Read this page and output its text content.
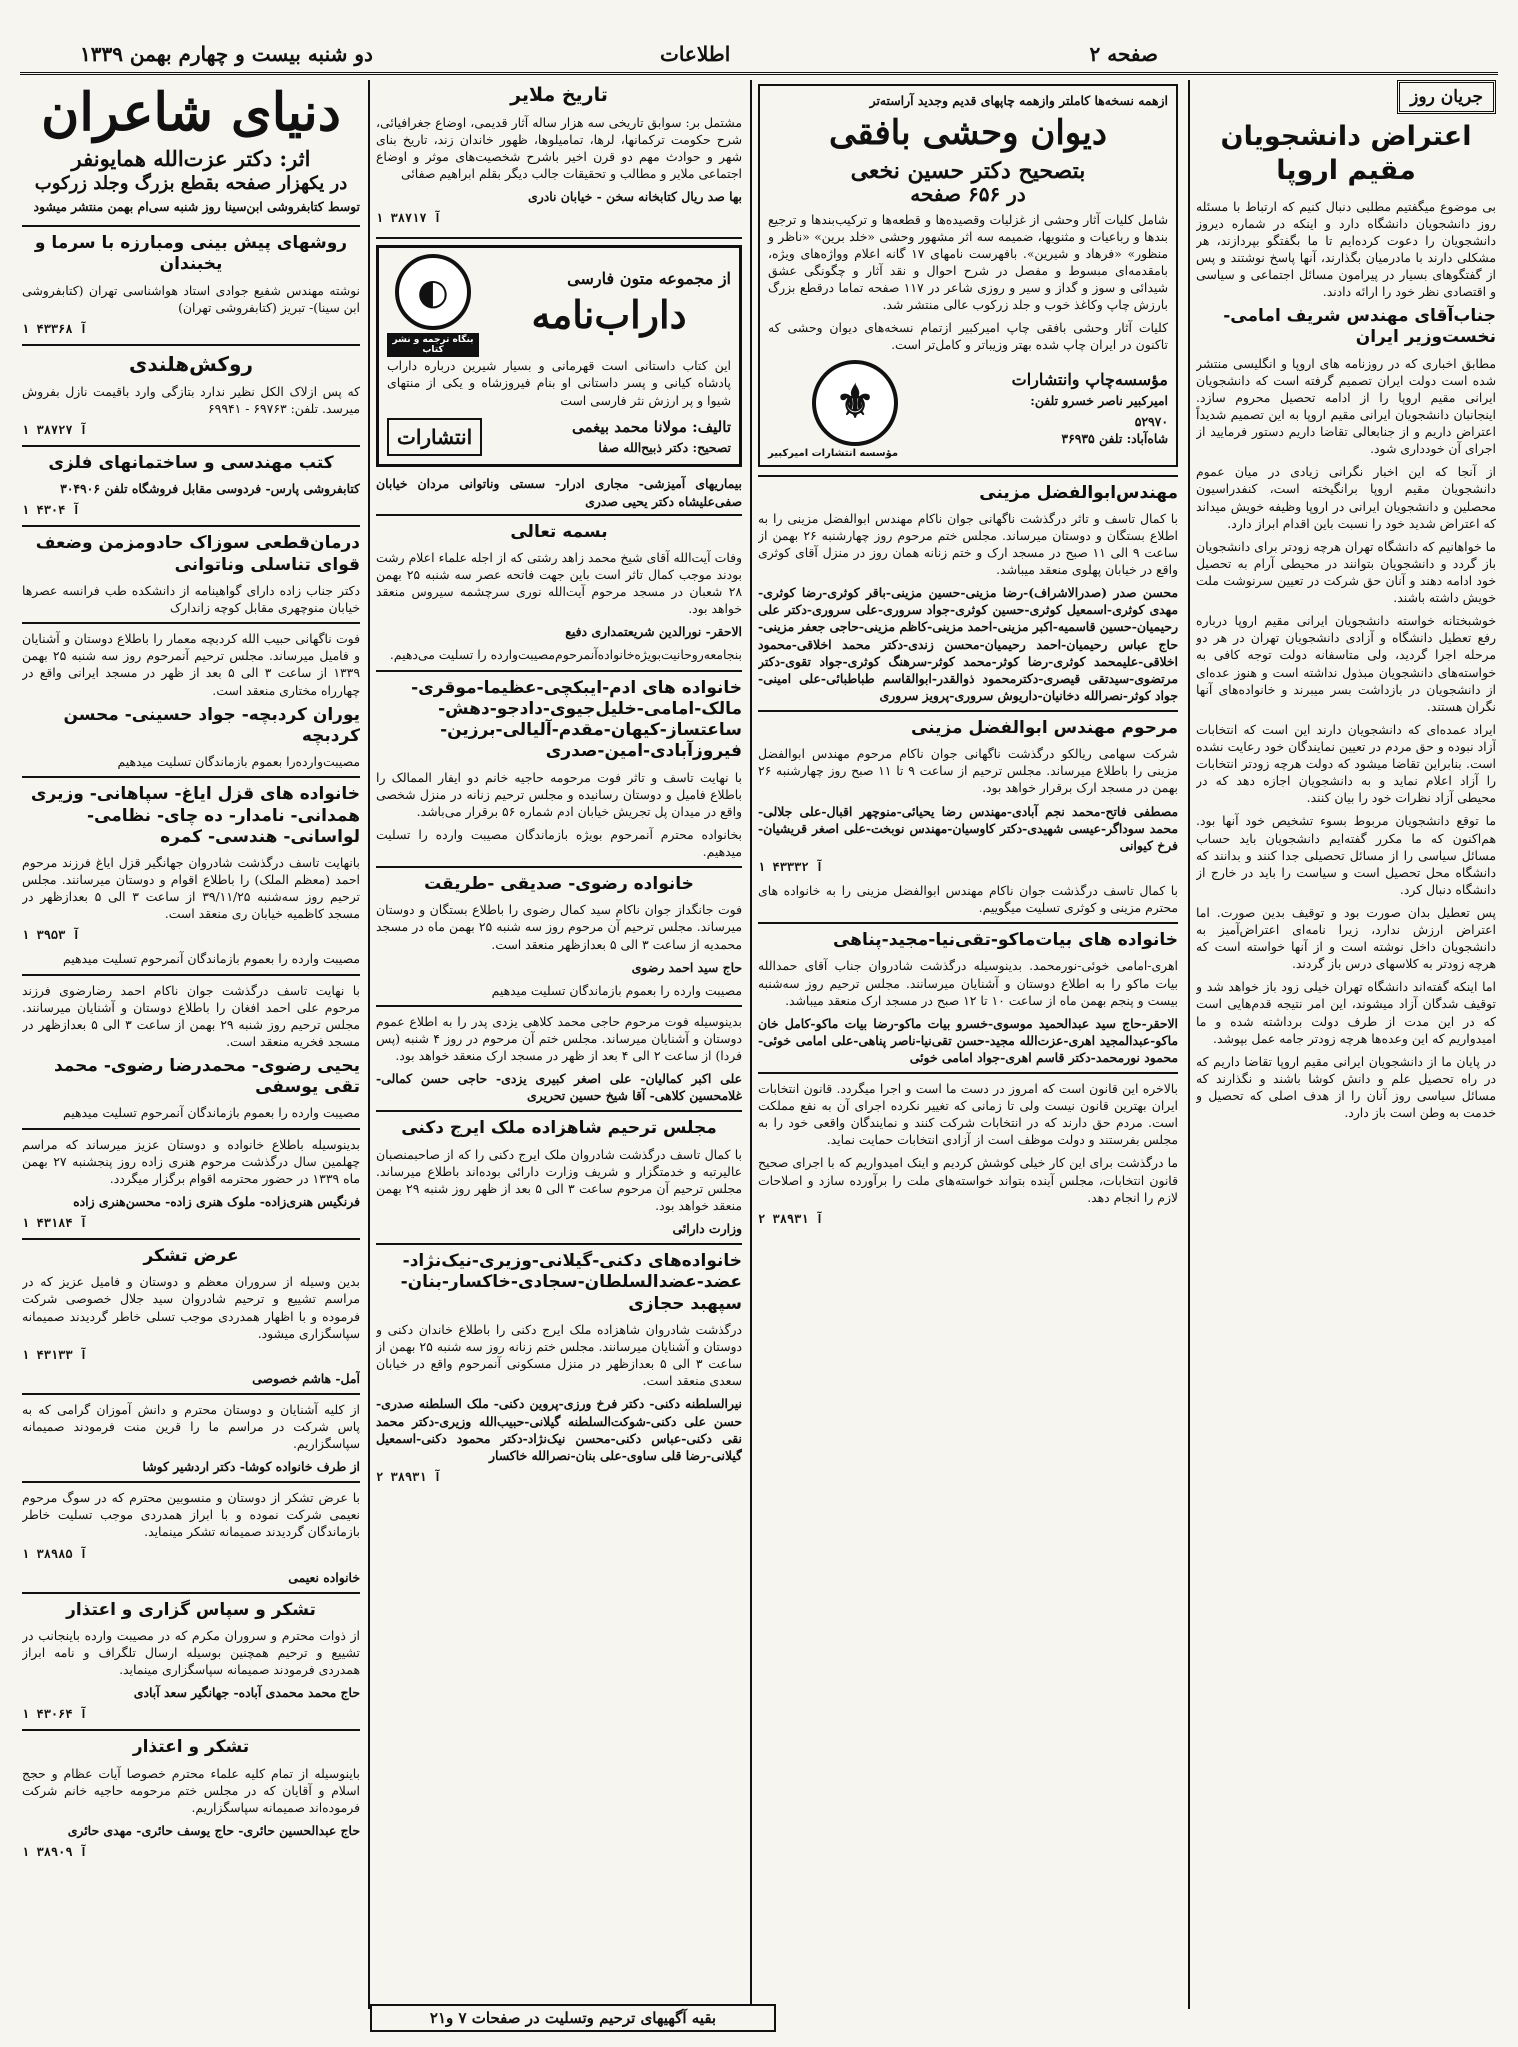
دو شنبه بیست و چهارم بهمن ۱۳۳۹	اطلاعات	صفحه ۲
جریان روز
اعتراض دانشجویان مقیم اروپا

بی موضوع میگفتیم مطلبی دنبال کنیم که ارتباط با مسئله روز دانشجویان دانشگاه دارد و اینکه در شماره دیروز دانشجویان را دعوت کرده‌ایم تا ما بگفتگو بپردازند، هر مشکلی دارند با مادرمیان بگذارند، آنها پاسخ نوشتند و پس از گفتگوهای بسیار در پیرامون مسائل اجتماعی و سیاسی و اقتصادی نظر خود را ارائه دادند.

جناب‌آقای مهندس شریف امامی- نخست‌وزیر ایران

مطابق اخباری که در روزنامه های اروپا و انگلیسی منتشر شده است دولت ایران تصمیم گرفته است که دانشجویان ایرانی مقیم اروپا را از ادامه تحصیل محروم سازد. اینجانبان دانشجویان ایرانی مقیم اروپا به این تصمیم شدیداً اعتراض داریم و از جنابعالی تقاضا داریم دستور فرمایید از اجرای آن خودداری شود.

از آنجا که این اخبار نگرانی زیادی در میان عموم دانشجویان مقیم اروپا برانگیخته است، کنفدراسیون محصلین و دانشجویان ایرانی در اروپا وظیفه خویش میداند که اعتراض شدید خود را نسبت باین اقدام ابراز دارد.

ما خواهانیم که دانشگاه تهران هرچه زودتر برای دانشجویان باز گردد و دانشجویان بتوانند در محیطی آرام به تحصیل خود ادامه دهند و آنان حق شرکت در تعیین سرنوشت ملت خویش داشته باشند.

خوشبختانه خواسته دانشجویان ایرانی مقیم اروپا درباره رفع تعطیل دانشگاه و آزادی دانشجویان تهران در هر دو مرحله اجرا گردید، ولی متاسفانه دولت توجه کافی به خواسته‌های دانشجویان مبذول نداشته است و هنوز عده‌ای از دانشجویان در بازداشت بسر میبرند و خانواده‌های آنها نگران هستند.

ایراد عمده‌ای که دانشجویان دارند این است که انتخابات آزاد نبوده و حق مردم در تعیین نمایندگان خود رعایت نشده است. بنابراین تقاضا میشود که دولت هرچه زودتر انتخابات را آزاد اعلام نماید و به دانشجویان اجازه دهد که در محیطی آزاد نظرات خود را بیان کنند.

ما توقع دانشجویان مربوط بسوء تشخیص خود آنها بود. هم‌اکنون که ما مکرر گفته‌ایم دانشجویان باید حساب مسائل سیاسی را از مسائل تحصیلی جدا کنند و بدانند که دانشگاه محل تحصیل است و سیاست را باید در خارج از دانشگاه دنبال کرد.

پس تعطیل بدان صورت بود و توقیف بدین صورت. اما اعتراض ارزش ندارد، زیرا نامه‌ای اعتراض‌آمیز به دانشجویان داخل نوشته است و از آنها خواسته است که هرچه زودتر به کلاسهای درس باز گردند.

اما اینکه گفته‌اند دانشگاه تهران خیلی زود باز خواهد شد و توقیف شدگان آزاد میشوند، این امر نتیجه قدم‌هایی است که در این مدت از طرف دولت برداشته شده و ما امیدواریم که این وعده‌ها هرچه زودتر جامه عمل بپوشد.

در پایان ما از دانشجویان ایرانی مقیم اروپا تقاضا داریم که در راه تحصیل علم و دانش کوشا باشند و نگذارند که مسائل سیاسی روز آنان را از هدف اصلی که تحصیل و خدمت به وطن است باز دارد.

ازهمه نسخه‌ها کاملتر وازهمه چاپهای قدیم وجدید آراسته‌تر

دیوان وحشی بافقی
بتصحیح دکتر حسین نخعی
در ۶۵۶ صفحه

شامل کلیات آثار وحشی از غزلیات وقصیده‌ها و قطعه‌ها و ترکیب‌بندها و ترجیع بندها و رباعیات و مثنویها، ضمیمه سه اثر مشهور وحشی «خلد برین» «ناظر و منظور» «فرهاد و شیرین». بافهرست نامهای ۱۷ گانه اعلام وواژه‌های ویژه، بامقدمه‌ای مبسوط و مفصل در شرح احوال و نقد آثار و چگونگی عشق شیدائی و سوز و گداز و سیر و روزی شاعر در ۱۱۷ صفحه تماما درقطع بزرگ بارزش چاپ وکاغذ خوب و جلد زرکوب عالی منتشر شد.

کلیات آثار وحشی بافقی چاپ امیرکبیر ازتمام نسخه‌های دیوان وحشی که تاکنون در ایران چاپ شده بهتر وزیباتر و کامل‌تر است.

مؤسسه‌چاپ وانتشارات

امیرکبیر ناصر خسرو تلفن:

۵۲۹۷۰

شاه‌آباد: تلفن ۳۶۹۳۵

⚜
مؤسسه انتشارات امیرکبیر
مهندس‌ابوالفضل مزینی

با کمال تاسف و تاثر درگذشت ناگهانی جوان ناکام مهندس ابوالفضل مزینی را به اطلاع بستگان و دوستان میرساند. مجلس ختم مرحوم روز چهارشنبه ۲۶ بهمن از ساعت ۹ الی ۱۱ صبح در مسجد ارک و ختم زنانه همان روز در منزل آقای کوثری واقع در خیابان پهلوی منعقد میباشد.

محسن صدر (صدرالاشراف)-رضا مزینی-حسین مزینی-باقر کوثری-رضا کوثری-مهدی کوثری-اسمعیل کوثری-حسین کوثری-جواد سروری-علی سروری-دکتر علی رحیمیان-حسین قاسمیه-اکبر مزینی-احمد مزینی-کاظم مزینی-حاجی جعفر مزینی-حاج عباس رحیمیان-احمد رحیمیان-محسن زندی-دکتر محمد اخلاقی-محمود اخلاقی-علیمحمد کوثری-رضا کوثر-محمد کوثر-سرهنگ کوثری-جواد تقوی-دکتر مرتضوی-سیدتقی قیصری-دکترمحمود ذوالقدر-ابوالقاسم طباطبائی-علی امینی-جواد کوثر-نصرالله دخانیان-داریوش سروری-پرویز سروری

مرحوم مهندس ابوالفضل مزینی

شرکت سهامی ریالکو درگذشت ناگهانی جوان ناکام مرحوم مهندس ابوالفضل مزینی را باطلاع میرساند. مجلس ترحیم از ساعت ۹ تا ۱۱ صبح روز چهارشنبه ۲۶ بهمن در مسجد ارک برقرار خواهد بود.

مصطفی فاتح-محمد نجم آبادی-مهندس رضا یحیائی-منوچهر اقبال-علی جلالی-محمد سوداگر-عیسی شهیدی-دکتر کاوسیان-مهندس نوبخت-علی اصغر قریشیان-فرخ کیوانی

آ ۴۳۳۳۲ ۱

با کمال تاسف درگذشت جوان ناکام مهندس ابوالفضل مزینی را به خانواده های محترم مزینی و کوثری تسلیت میگوییم.

خانواده های بیات‌ماکو-تقی‌نیا-مجید-پناهی

اهری-امامی خوئی-نورمحمد. بدینوسیله درگذشت شادروان جناب آقای حمدالله بیات ماکو را به اطلاع دوستان و آشنایان میرسانند. مجلس ترحیم روز سه‌شنبه بیست و پنجم بهمن ماه از ساعت ۱۰ تا ۱۲ صبح در مسجد ارک منعقد میباشد.

الاحقر-حاج سید عبدالحمید موسوی-خسرو بیات ماکو-رضا بیات ماکو-کامل خان ماکو-عبدالمجید اهری-عزت‌الله مجید-حسن تقی‌نیا-ناصر پناهی-علی امامی خوئی-محمود نورمحمد-دکتر قاسم اهری-جواد امامی خوئی

بالاخره این قانون است که امروز در دست ما است و اجرا میگردد. قانون انتخابات ایران بهترین قانون نیست ولی تا زمانی که تغییر نکرده اجرای آن به نفع مملکت است. مردم حق دارند که در انتخابات شرکت کنند و نمایندگان واقعی خود را به مجلس بفرستند و دولت موظف است از آزادی انتخابات حمایت نماید.

ما درگذشت برای این کار خیلی کوشش کردیم و اینک امیدواریم که با اجرای صحیح قانون انتخابات، مجلس آینده بتواند خواسته‌های ملت را برآورده سازد و اصلاحات لازم را انجام دهد.

آ ۳۸۹۳۱ ۲
تاریخ ملایر

مشتمل بر: سوابق تاریخی سه هزار ساله آثار قدیمی، اوضاع جغرافیائی، شرح حکومت ترکمانها، لرها، تمامیلوها، ظهور خاندان زند، تاریخ بنای شهر و حوادث مهم دو قرن اخیر باشرح شخصیت‌های موثر و اوضاع اجتماعی ملایر و مطالب و تحقیقات جالب دیگر بقلم ابراهیم صفائی

بها صد ریال کتابخانه سخن - خیابان نادری

آ ۳۸۷۱۷ ۱
از مجموعه متون فارسی
داراب‌نامه
◐
بنگاه ترجمه و نشر کتاب

این کتاب داستانی است قهرمانی و بسیار شیرین درباره داراب پادشاه کیانی و پسر داستانی او بنام فیروزشاه و یکی از منتهای شیوا و پر ارزش نثر فارسی است

تالیف: مولانا محمد بیغمی

تصحیح: دکتر ذبیح‌الله صفا

انتشارات

بیماریهای آمیزشی- مجاری ادرار- سستی وناتوانی مردان خیابان صفی‌علیشاه دکتر یحیی صدری

بسمه تعالی

وفات آیت‌الله آقای شیخ محمد زاهد رشتی که از اجله علماء اعلام رشت بودند موجب کمال تاثر است باین جهت فاتحه عصر سه شنبه ۲۵ بهمن ۲۸ شعبان در مسجد مرحوم آیت‌الله نوری سرچشمه سیروس منعقد خواهد بود.

الاحقر- نورالدین شریعتمداری دفیع

بنجامعه‌روحانیت‌بویژه‌خانواده‌آنمرحوم‌مصیبت‌وارده را تسلیت می‌دهیم.

خانواده های ادم-ایبکچی-عظیما-موقری-مالک-امامی-خلیل‌جیوی-دادجو-دهش-ساعتساز-کیهان-مقدم-آلیالی-برزین-فیروزآبادی-امین-صدری

با نهایت تاسف و تاثر فوت مرحومه حاجیه خانم دو ایفار الممالک را باطلاع فامیل و دوستان رسانیده و مجلس ترحیم زنانه در منزل شخصی واقع در میدان پل تجریش خیابان ادم شماره ۵۶ برقرار می‌باشد.

بخانواده محترم آنمرحوم بویژه بازماندگان مصیبت وارده را تسلیت میدهیم.

خانواده رضوی- صدیقی -طریقت

فوت جانگداز جوان ناکام سید کمال رضوی را باطلاع بستگان و دوستان میرساند. مجلس ترحیم آن مرحوم روز سه شنبه ۲۵ بهمن ماه در مسجد محمدیه از ساعت ۳ الی ۵ بعدازظهر منعقد است.

حاج سید احمد رضوی

مصیبت وارده را بعموم بازماندگان تسلیت میدهیم

بدینوسیله فوت مرحوم حاجی محمد کلاهی یزدی پدر را به اطلاع عموم دوستان و آشنایان میرساند. مجلس ختم آن مرحوم در روز ۴ شنبه (پس فردا) از ساعت ۲ الی ۴ بعد از ظهر در مسجد ارک منعقد خواهد بود.

علی اکبر کمالیان- علی اصغر کبیری یزدی- حاجی حسن کمالی- غلامحسین کلاهی- آقا شیخ حسین تحریری

مجلس ترحیم شاهزاده ملک ایرج دکنی

با کمال تاسف درگذشت شادروان ملک ایرج دکنی را که از صاحبمنصبان عالیرتبه و خدمتگزار و شریف وزارت دارائی بوده‌اند باطلاع میرساند. مجلس ترحیم آن مرحوم ساعت ۳ الی ۵ بعد از ظهر روز شنبه ۲۹ بهمن منعقد خواهد بود.

وزارت دارائی

خانواده‌های دکنی-گیلانی-وزیری-نیک‌نژاد-عضد-عضدالسلطان-سجادی-خاکسار-بنان-سپهبد حجازی

درگذشت شادروان شاهزاده ملک ایرج دکنی را باطلاع خاندان دکنی و دوستان و آشنایان میرسانند. مجلس ختم زنانه روز سه شنبه ۲۵ بهمن از ساعت ۳ الی ۵ بعدازظهر در منزل مسکونی آنمرحوم واقع در خیابان سعدی منعقد است.

نیرالسلطنه دکنی- دکتر فرخ ورزی-پروین دکنی- ملک السلطنه صدری-حسن علی دکنی-شوکت‌السلطنه گیلانی-حبیب‌الله وزیری-دکتر محمد نقی دکنی-عباس دکنی-محسن نیک‌نژاد-دکتر محمود دکنی-اسمعیل گیلانی-رضا قلی ساوی-علی بنان-نصرالله خاکسار

آ ۳۸۹۳۱ ۲
دنیای شاعران
اثر: دکتر عزت‌الله همایونفر
در یکهزار صفحه بقطع بزرگ وجلد زرکوب

توسط کتابفروشی ابن‌سینا روز شنبه سی‌ام بهمن منتشر میشود

روشهای پیش بینی ومبارزه با سرما و یخبندان

نوشته مهندس شفیع جوادی استاد هواشناسی تهران (کتابفروشی ابن سینا)- تبریز (کتابفروشی تهران)

آ ۴۳۳۶۸ ۱
روکش‌هلندی

که پس ازلاک الکل نظیر ندارد بتازگی وارد باقیمت نازل بفروش میرسد. تلفن: ۶۹۷۶۳ - ۶۹۹۴۱

آ ۳۸۷۲۷ ۱
کتب مهندسی و ساختمانهای فلزی

کتابفروشی پارس- فردوسی مقابل فروشگاه تلفن ۳۰۴۹۰۶

آ ۴۳۰۴ ۱
درمان‌قطعی سوزاک حادومزمن وضعف قوای تناسلی وناتوانی

دکتر جناب زاده دارای گواهینامه از دانشکده طب فرانسه عصرها خیابان منوچهری مقابل کوچه زاندارک

فوت ناگهانی حبیب الله کردبچه معمار را باطلاع دوستان و آشنایان و فامیل میرساند. مجلس ترحیم آنمرحوم روز سه شنبه ۲۵ بهمن ۱۳۳۹ از ساعت ۳ الی ۵ بعد از ظهر در مسجد ایرانی واقع در چهارراه مختاری منعقد است.

یوران کردبچه- جواد حسینی- محسن کردبچه

مصیبت‌وارده‌را بعموم بازماندگان تسلیت میدهیم

خانواده های قزل ایاغ- سپاهانی- وزیری همدانی- نامدار- ده چای- نظامی- لواسانی- هندسی- کمره

بانهایت تاسف درگذشت شادروان جهانگیر قزل ایاغ فرزند مرحوم احمد (معظم الملک) را باطلاع اقوام و دوستان میرسانند. مجلس ترحیم روز سه‌شنبه ۳۹/۱۱/۲۵ از ساعت ۳ الی ۵ بعدازظهر در مسجد کاظمیه خیابان ری منعقد است.

آ ۳۹۵۳ ۱

مصیبت وارده را بعموم بازماندگان آنمرحوم تسلیت میدهیم

با نهایت تاسف درگذشت جوان ناکام احمد رضارضوی فرزند مرحوم علی احمد افغان را باطلاع دوستان و آشنایان میرسانند. مجلس ترحیم روز شنبه ۲۹ بهمن از ساعت ۳ الی ۵ بعدازظهر در مسجد فخریه منعقد است.

یحیی رضوی- محمدرضا رضوی- محمد تقی یوسفی

مصیبت وارده را بعموم بازماندگان آنمرحوم تسلیت میدهیم

بدینوسیله باطلاع خانواده و دوستان عزیز میرساند که مراسم چهلمین سال درگذشت مرحوم هنری زاده روز پنجشنبه ۲۷ بهمن ماه ۱۳۳۹ در حضور محترمه اقوام برگزار میگردد.

فرنگیس هنری‌زاده- ملوک هنری زاده- محسن‌هنری زاده

آ ۴۳۱۸۴ ۱
عرض تشکر

بدین وسیله از سروران معظم و دوستان و فامیل عزیز که در مراسم تشییع و ترحیم شادروان سید جلال خصوصی شرکت فرموده و با اظهار همدردی موجب تسلی خاطر گردیدند صمیمانه سپاسگزاری میشود.

آ ۴۳۱۳۳ ۱

آمل- هاشم خصوصی

از کلیه آشنایان و دوستان محترم و دانش آموزان گرامی که به پاس شرکت در مراسم ما را قرین منت فرمودند صمیمانه سپاسگزاریم.

از طرف خانواده کوشا- دکتر اردشیر کوشا

با عرض تشکر از دوستان و منسوبین محترم که در سوگ مرحوم نعیمی شرکت نموده و با ابراز همدردی موجب تسلیت خاطر بازماندگان گردیدند صمیمانه تشکر مینماید.

آ ۳۸۹۸۵ ۱

خانواده نعیمی

تشکر و سپاس گزاری و اعتذار

از ذوات محترم و سروران مکرم که در مصیبت وارده باینجانب در تشییع و ترحیم همچنین بوسیله ارسال تلگراف و نامه ابراز همدردی فرمودند صمیمانه سپاسگزاری مینماید.

حاج محمد محمدی آباده- جهانگیر سعد آبادی

آ ۴۳۰۶۴ ۱
تشکر و اعتذار

باینوسیله از تمام کلیه علماء محترم خصوصا آیات عظام و حجج اسلام و آقایان که در مجلس ختم مرحومه حاجیه خانم شرکت فرموده‌اند صمیمانه سپاسگزاریم.

حاج عبدالحسین حائری- حاج یوسف حائری- مهدی حائری

آ ۳۸۹۰۹ ۱
بقیه آگهیهای ترحیم وتسلیت در صفحات ۷ و۲۱
